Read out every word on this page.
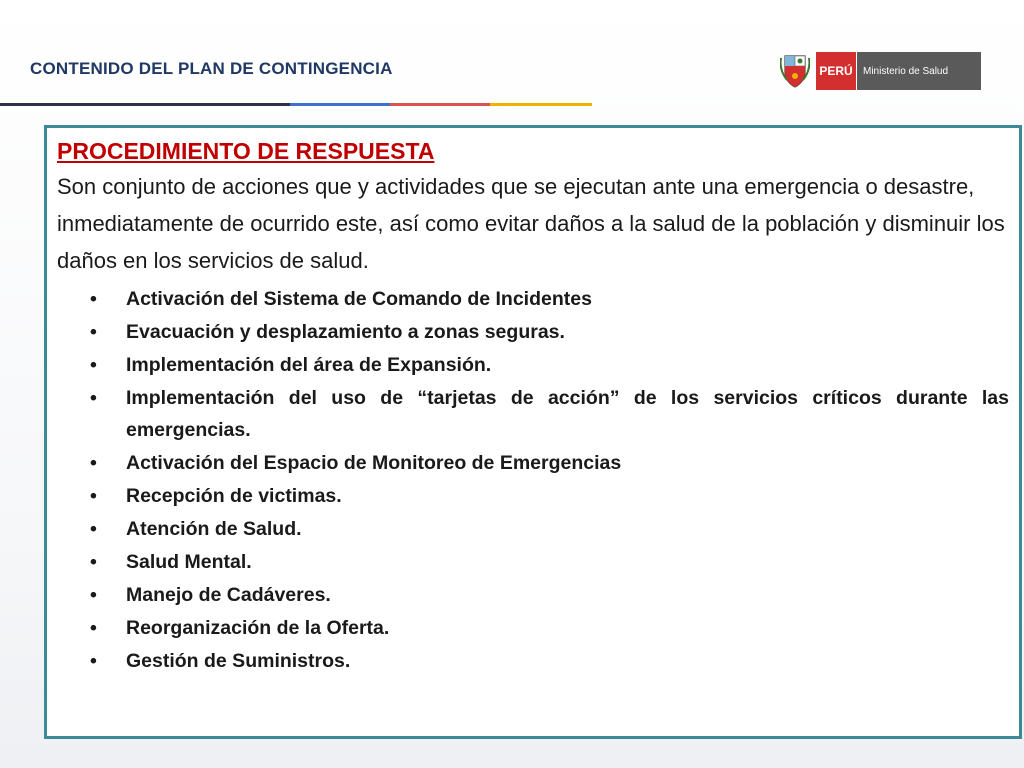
CONTENIDO DEL PLAN DE CONTINGENCIA	PERÚ	Ministerio de Salud

PROCEDIMIENTO DE RESPUESTA

Son conjunto de acciones que y actividades que se ejecutan ante una emergencia o desastre, inmediatamente de ocurrido este, así como evitar daños a la salud de la población y disminuir los daños en los servicios de salud.

• Activación del Sistema de Comando de Incidentes
• Evacuación y desplazamiento a zonas seguras.
• Implementación del área de Expansión.
• Implementación del uso de “tarjetas de acción” de los servicios críticos durante las emergencias.
• Activación del Espacio de Monitoreo de Emergencias
• Recepción de victimas.
• Atención de Salud.
• Salud Mental.
• Manejo de Cadáveres.
• Reorganización de la Oferta.
• Gestión de Suministros.
